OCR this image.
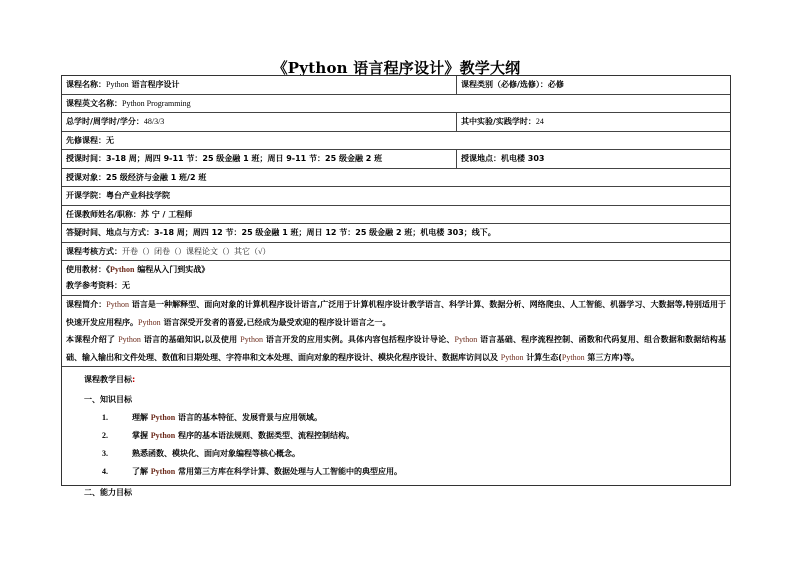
《Python 语言程序设计》教学大纲
课程名称：Python 语言程序设计	课程类别（必修/选修）：必修
课程英文名称：Python Programming
总学时/周学时/学分：48/3/3	其中实验/实践学时：24
先修课程：无
授课时间：3-18 周；周四 9-11 节：25 级金融 1 班；周日 9-11 节：25 级金融 2 班	授课地点：机电楼 303
授课对象：25 级经济与金融 1 班/2 班
开课学院：粤台产业科技学院
任课教师姓名/职称：苏 宁 / 工程师
答疑时间、地点与方式：3-18 周；周四 12 节：25 级金融 1 班；周日 12 节：25 级金融 2 班；机电楼 303；线下。
课程考核方式：开卷（）闭卷（）课程论文（）其它（√）
使用教材：《Python 编程从入门到实战》
教学参考资料：无
课程简介：Python 语言是一种解释型、面向对象的计算机程序设计语言,广泛用于计算机程序设计教学语言、科学计算、数据分析、网络爬虫、人工智能、机器学习、大数据等,特别适用于快速开发应用程序。Python 语言深受开发者的喜爱,已经成为最受欢迎的程序设计语言之一。
本课程介绍了 Python 语言的基础知识,以及使用 Python 语言开发的应用实例。具体内容包括程序设计导论、Python 语言基础、程序流程控制、函数和代码复用、组合数据和数据结构基础、输入输出和文件处理、数值和日期处理、字符串和文本处理、面向对象的程序设计、模块化程序设计、数据库访问以及 Python 计算生态(Python 第三方库)等。
课程教学目标:
一、知识目标
1.	理解 Python 语言的基本特征、发展背景与应用领域。
2.	掌握 Python 程序的基本语法规则、数据类型、流程控制结构。
3.	熟悉函数、模块化、面向对象编程等核心概念。
4.	了解 Python 常用第三方库在科学计算、数据处理与人工智能中的典型应用。
二、能力目标
